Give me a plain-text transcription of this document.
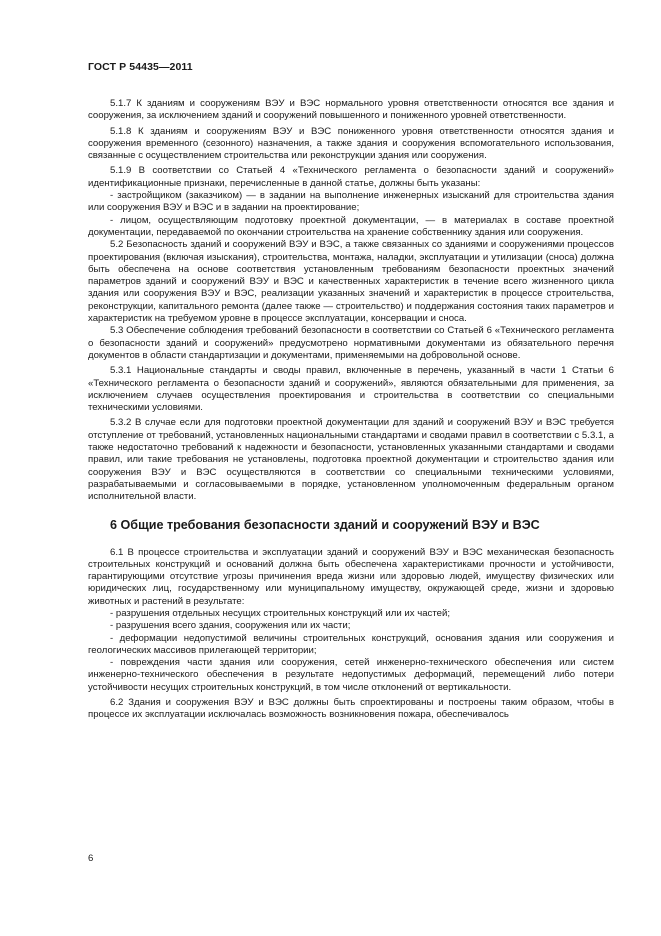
ГОСТ Р 54435—2011

5.1.7 К зданиям и сооружениям ВЭУ и ВЭС нормального уровня ответственности относятся все здания и сооружения, за исключением зданий и сооружений повышенного и пониженного уровней ответственности.

5.1.8 К зданиям и сооружениям ВЭУ и ВЭС пониженного уровня ответственности относятся здания и сооружения временного (сезонного) назначения, а также здания и сооружения вспомогательного использования, связанные с осуществлением строительства или реконструкции здания или сооружения.

5.1.9 В соответствии со Статьей 4 «Технического регламента о безопасности зданий и сооружений» идентификационные признаки, перечисленные в данной статье, должны быть указаны:

- застройщиком (заказчиком) — в задании на выполнение инженерных изысканий для строительства здания или сооружения ВЭУ и ВЭС и в задании на проектирование;

- лицом, осуществляющим подготовку проектной документации, — в материалах в составе проектной документации, передаваемой по окончании строительства на хранение собственнику здания или сооружения.

5.2 Безопасность зданий и сооружений ВЭУ и ВЭС, а также связанных со зданиями и сооружениями процессов проектирования (включая изыскания), строительства, монтажа, наладки, эксплуатации и утилизации (сноса) должна быть обеспечена на основе соответствия установленным требованиям безопасности проектных значений параметров зданий и сооружений ВЭУ и ВЭС и качественных характеристик в течение всего жизненного цикла здания или сооружения ВЭУ и ВЭС, реализации указанных значений и характеристик в процессе строительства, реконструкции, капитального ремонта (далее также — строительство) и поддержания состояния таких параметров и характеристик на требуемом уровне в процессе эксплуатации, консервации и сноса.

5.3 Обеспечение соблюдения требований безопасности в соответствии со Статьей 6 «Технического регламента о безопасности зданий и сооружений» предусмотрено нормативными документами из обязательного перечня документов в области стандартизации и документами, применяемыми на добровольной основе.

5.3.1 Национальные стандарты и своды правил, включенные в перечень, указанный в части 1 Статьи 6 «Технического регламента о безопасности зданий и сооружений», являются обязательными для применения, за исключением случаев осуществления проектирования и строительства в соответствии со специальными техническими условиями.

5.3.2 В случае если для подготовки проектной документации для зданий и сооружений ВЭУ и ВЭС требуется отступление от требований, установленных национальными стандартами и сводами правил в соответствии с 5.3.1, а также недостаточно требований к надежности и безопасности, установленных указанными стандартами и сводами правил, или такие требования не установлены, подготовка проектной документации и строительство здания или сооружения ВЭУ и ВЭС осуществляются в соответствии со специальными техническими условиями, разрабатываемыми и согласовываемыми в порядке, установленном уполномоченным федеральным органом исполнительной власти.

6 Общие требования безопасности зданий и сооружений ВЭУ и ВЭС

6.1 В процессе строительства и эксплуатации зданий и сооружений ВЭУ и ВЭС механическая безопасность строительных конструкций и оснований должна быть обеспечена характеристиками прочности и устойчивости, гарантирующими отсутствие угрозы причинения вреда жизни или здоровью людей, имуществу физических или юридических лиц, государственному или муниципальному имуществу, окружающей среде, жизни и здоровью животных и растений в результате:

- разрушения отдельных несущих строительных конструкций или их частей;

- разрушения всего здания, сооружения или их части;

- деформации недопустимой величины строительных конструкций, основания здания или сооружения и геологических массивов прилегающей территории;

- повреждения части здания или сооружения, сетей инженерно-технического обеспечения или систем инженерно-технического обеспечения в результате недопустимых деформаций, перемещений либо потери устойчивости несущих строительных конструкций, в том числе отклонений от вертикальности.

6.2 Здания и сооружения ВЭУ и ВЭС должны быть спроектированы и построены таким образом, чтобы в процессе их эксплуатации исключалась возможность возникновения пожара, обеспечивалось

6
